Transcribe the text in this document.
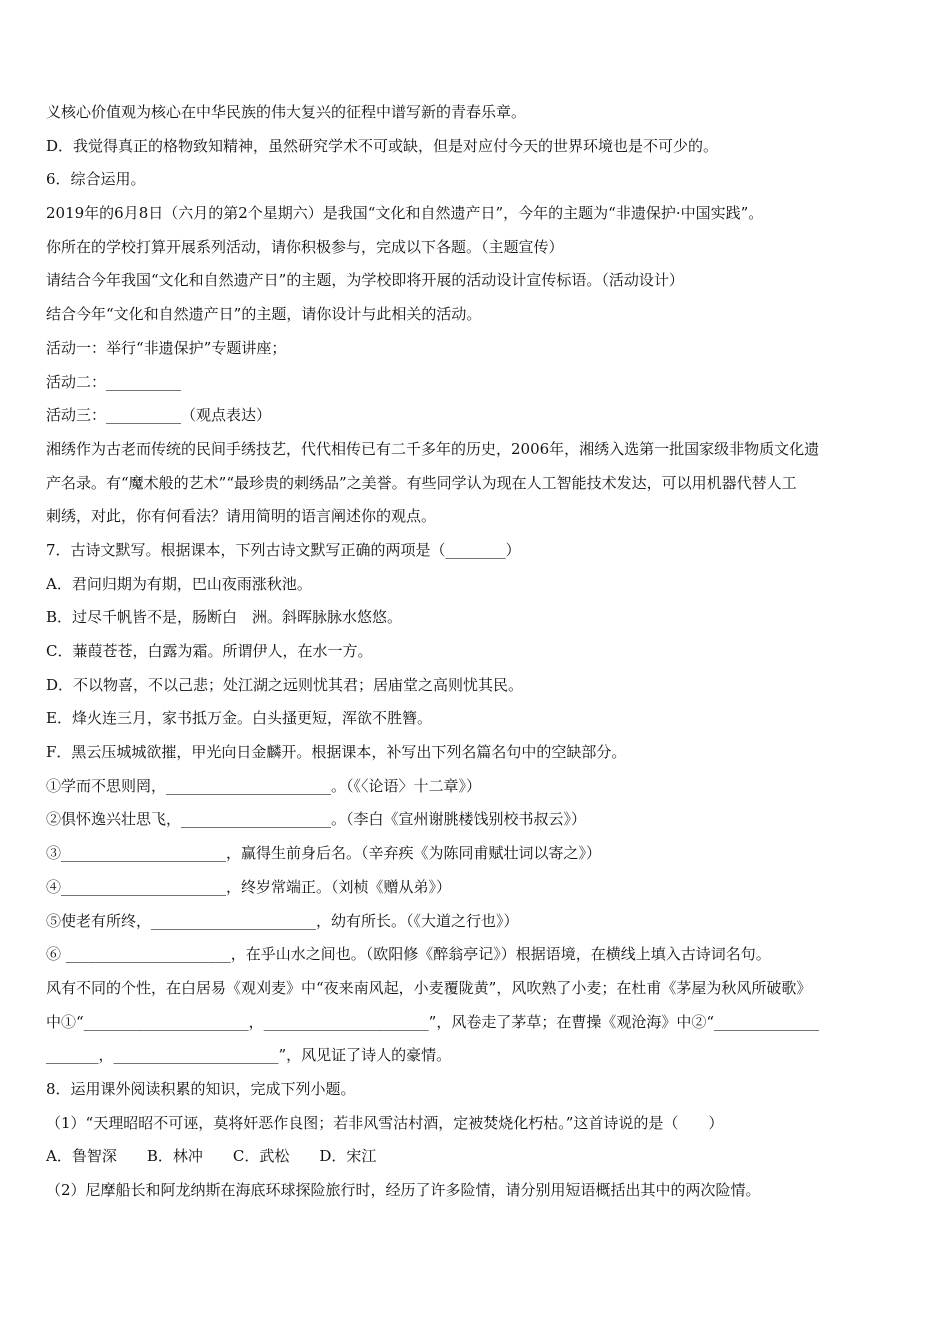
义核心价值观为核心在中华民族的伟大复兴的征程中谱写新的青春乐章。
D．我觉得真正的格物致知精神，虽然研究学术不可或缺，但是对应付今天的世界环境也是不可少的。
6．综合运用。
2019年的6月8日（六月的第2个星期六）是我国“文化和自然遗产日”，今年的主题为“非遗保护·中国实践”。
你所在的学校打算开展系列活动，请你积极参与，完成以下各题。（主题宣传）
请结合今年我国“文化和自然遗产日”的主题，为学校即将开展的活动设计宣传标语。（活动设计）
结合今年“文化和自然遗产日”的主题，请你设计与此相关的活动。
活动一：举行“非遗保护”专题讲座；
活动二：__________
活动三：__________（观点表达）
湘绣作为古老而传统的民间手绣技艺，代代相传已有二千多年的历史，2006年，湘绣入选第一批国家级非物质文化遗
产名录。有“魔术般的艺术”“最珍贵的刺绣品”之美誉。有些同学认为现在人工智能技术发达，可以用机器代替人工
刺绣，对此，你有何看法？请用简明的语言阐述你的观点。
7．古诗文默写。根据课本，下列古诗文默写正确的两项是（________）
A．君问归期为有期，巴山夜雨涨秋池。
B．过尽千帆皆不是，肠断白　洲。斜晖脉脉水悠悠。
C．蒹葭苍苍，白露为霜。所谓伊人，在水一方。
D．不以物喜，不以己悲；处江湖之远则忧其君；居庙堂之高则忧其民。
E．烽火连三月，家书抵万金。白头搔更短，浑欲不胜簪。
F．黑云压城城欲摧，甲光向日金麟开。根据课本，补写出下列名篇名句中的空缺部分。
①学而不思则罔，______________________。（《〈论语〉十二章》）
②俱怀逸兴壮思飞，____________________。（李白《宣州谢朓楼饯别校书叔云》）
③______________________，赢得生前身后名。（辛弃疾《为陈同甫赋壮词以寄之》）
④______________________，终岁常端正。（刘桢《赠从弟》）
⑤使老有所终，______________________，幼有所长。（《大道之行也》）
⑥ ______________________，在乎山水之间也。（欧阳修《醉翁亭记》）根据语境，在横线上填入古诗词名句。
风有不同的个性，在白居易《观刈麦》中“夜来南风起，小麦覆陇黄”，风吹熟了小麦；在杜甫《茅屋为秋风所破歌》
中①“______________________，______________________”，风卷走了茅草；在曹操《观沧海》中②“______________
_______，______________________”，风见证了诗人的豪情。
8．运用课外阅读积累的知识，完成下列小题。
（1）“天理昭昭不可诬，莫将奸恶作良图；若非风雪沽村酒，定被焚烧化朽枯。”这首诗说的是（　　）
A．鲁智深　　B．林冲　　C．武松　　D．宋江
（2）尼摩船长和阿龙纳斯在海底环球探险旅行时，经历了许多险情，请分别用短语概括出其中的两次险情。
